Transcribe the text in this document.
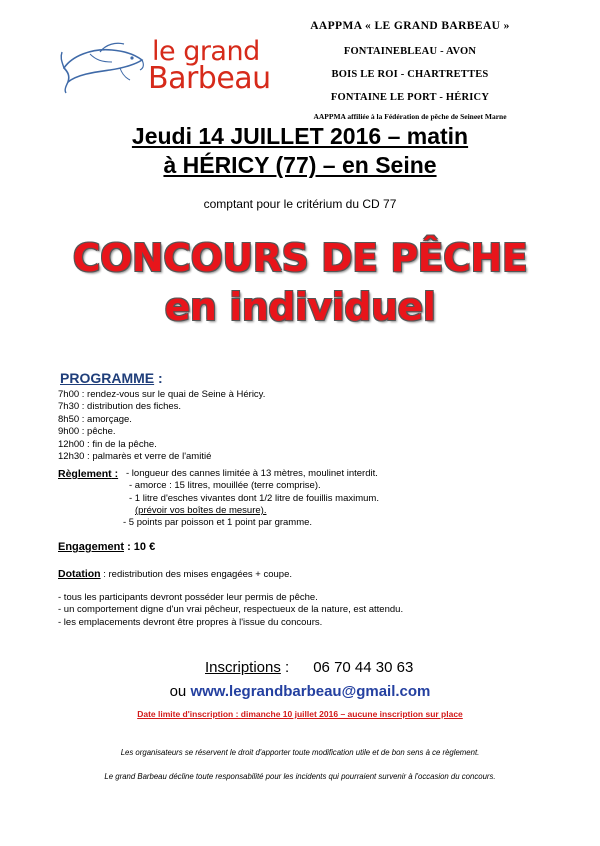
le grand
Barbeau
AAPPMA « LE GRAND BARBEAU »
FONTAINEBLEAU - AVON
BOIS LE ROI - CHARTRETTES
FONTAINE LE PORT - HÉRICY
AAPPMA affiliée à la Fédération de pêche de Seineet Marne
Jeudi 14 JUILLET 2016 – matin
à HÉRICY (77) – en Seine
comptant pour le critérium du CD 77
CONCOURS DE PÊCHE
en individuel
PROGRAMME :
7h00 : rendez-vous sur le quai de Seine à Héricy.
7h30 : distribution des fiches.
8h50 : amorçage.
9h00 : pêche.
12h00 : fin de la pêche.
12h30 : palmarès et verre de l'amitié
Règlement : - longueur des cannes limitée à 13 mètres, moulinet interdit.
- amorce : 15 litres, mouillée (terre comprise).
- 1 litre d'esches vivantes dont 1/2 litre de fouillis maximum.
(prévoir vos boîtes de mesure).
- 5 points par poisson et 1 point par gramme.
Engagement : 10 €
Dotation : redistribution des mises engagées + coupe.
- tous les participants devront posséder leur permis de pêche.
- un comportement digne d'un vrai pêcheur, respectueux de la nature, est attendu.
- les emplacements devront être propres à l'issue du concours.
Inscriptions : 06 70 44 30 63
ou www.legrandbarbeau@gmail.com
Date limite d'inscription : dimanche 10 juillet 2016 – aucune inscription sur place
Les organisateurs se réservent le droit d'apporter toute modification utile et de bon sens à ce règlement.
Le grand Barbeau décline toute responsabilité pour les incidents qui pourraient survenir à l'occasion du concours.
